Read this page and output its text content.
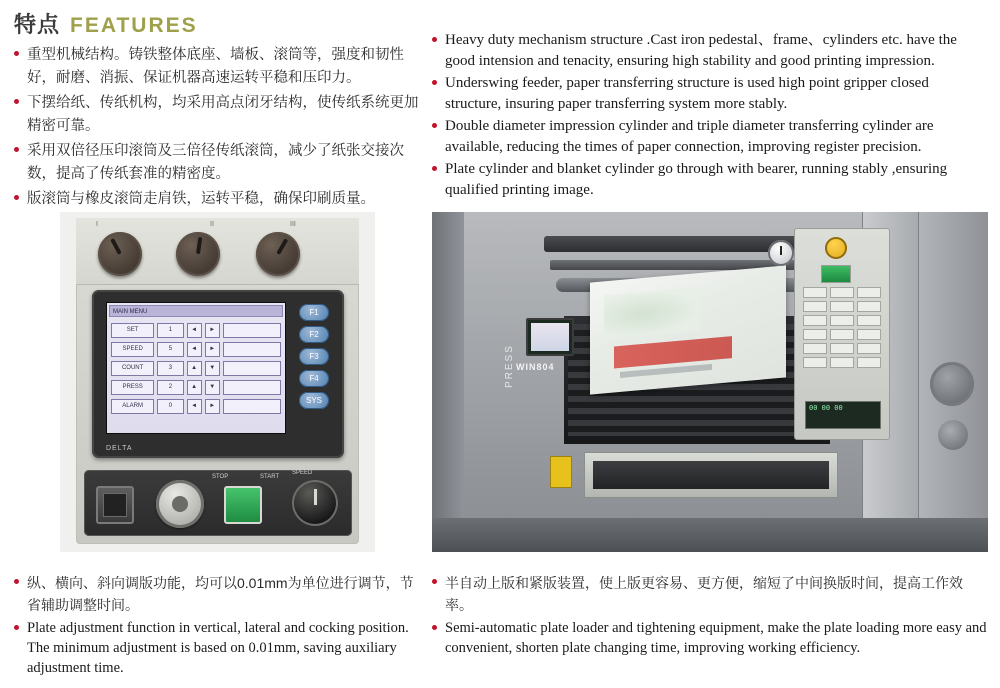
特点 FEATURES
重型机械结构。铸铁整体底座、墙板、滚筒等，强度和韧性好，耐磨、消振、保证机器高速运转平稳和压印力。
下摆给纸、传纸机构，均采用高点闭牙结构，使传纸系统更加精密可靠。
采用双倍径压印滚筒及三倍径传纸滚筒，减少了纸张交接次数，提高了传纸套准的精密度。
版滚筒与橡皮滚筒走肩铁，运转平稳，确保印刷质量。
Heavy duty mechanism structure .Cast iron pedestal、frame、cylinders etc. have the good intension and tenacity, ensuring high stability and good printing impression.
Underswing feeder, paper transferring structure is used high point gripper closed structure, insuring paper transferring system more stably.
Double diameter impression cylinder and triple diameter transferring cylinder are available, reducing the times of paper connection, improving register precision.
Plate cylinder and blanket cylinder go through with bearer, running stably ,ensuring qualified printing image.
I	II	III
MAIN MENU
SET	1	◄	►
SPEED	5	◄	►
COUNT	3	▲	▼
PRESS	2	▲	▼
ALARM	0	◄	►
F1
F2
F3
F4
SYS
DELTA
STOP	START
SPEED
WIN804
00 00 00
PRESS
纵、横向、斜向调版功能，均可以0.01mm为单位进行调节，节省辅助调整时间。
Plate adjustment function in vertical, lateral and cocking position. The minimum adjustment is based on 0.01mm, saving auxiliary adjustment time.
半自动上版和紧版装置，使上版更容易、更方便，缩短了中间换版时间，提高工作效率。
Semi-automatic plate loader and tightening equipment, make the plate loading more easy and convenient, shorten plate changing time, improving working efficiency.
